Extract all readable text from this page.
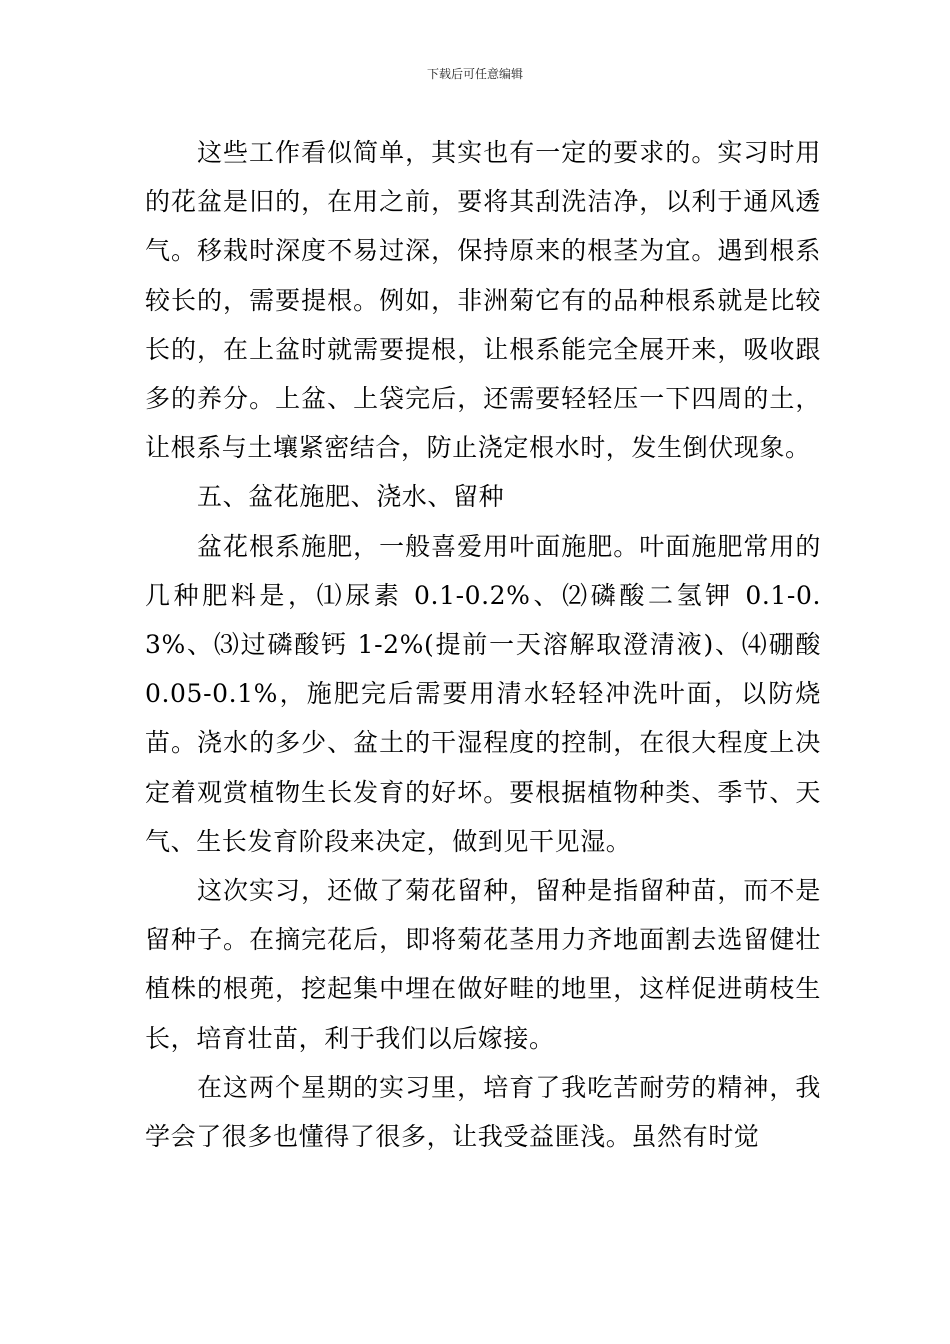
下载后可任意编辑

这些工作看似简单，其实也有一定的要求的。实习时用的花盆是旧的，在用之前，要将其刮洗洁净，以利于通风透气。移栽时深度不易过深，保持原来的根茎为宜。遇到根系较长的，需要提根。例如，非洲菊它有的品种根系就是比较长的，在上盆时就需要提根，让根系能完全展开来，吸收跟多的养分。上盆、上袋完后，还需要轻轻压一下四周的土，让根系与土壤紧密结合，防止浇定根水时，发生倒伏现象。

五、盆花施肥、浇水、留种

盆花根系施肥，一般喜爱用叶面施肥。叶面施肥常用的几种肥料是，⑴尿素 0.1-0.2%、⑵磷酸二氢钾 0.1-0.3%、⑶过磷酸钙 1-2%(提前一天溶解取澄清液)、⑷硼酸 0.05-0.1%，施肥完后需要用清水轻轻冲洗叶面，以防烧苗。浇水的多少、盆土的干湿程度的控制，在很大程度上决定着观赏植物生长发育的好坏。要根据植物种类、季节、天气、生长发育阶段来决定，做到见干见湿。

这次实习，还做了菊花留种，留种是指留种苗，而不是留种子。在摘完花后，即将菊花茎用力齐地面割去选留健壮植株的根蔸，挖起集中埋在做好畦的地里，这样促进萌枝生长，培育壮苗，利于我们以后嫁接。

在这两个星期的实习里，培育了我吃苦耐劳的精神，我学会了很多也懂得了很多，让我受益匪浅。虽然有时觉
